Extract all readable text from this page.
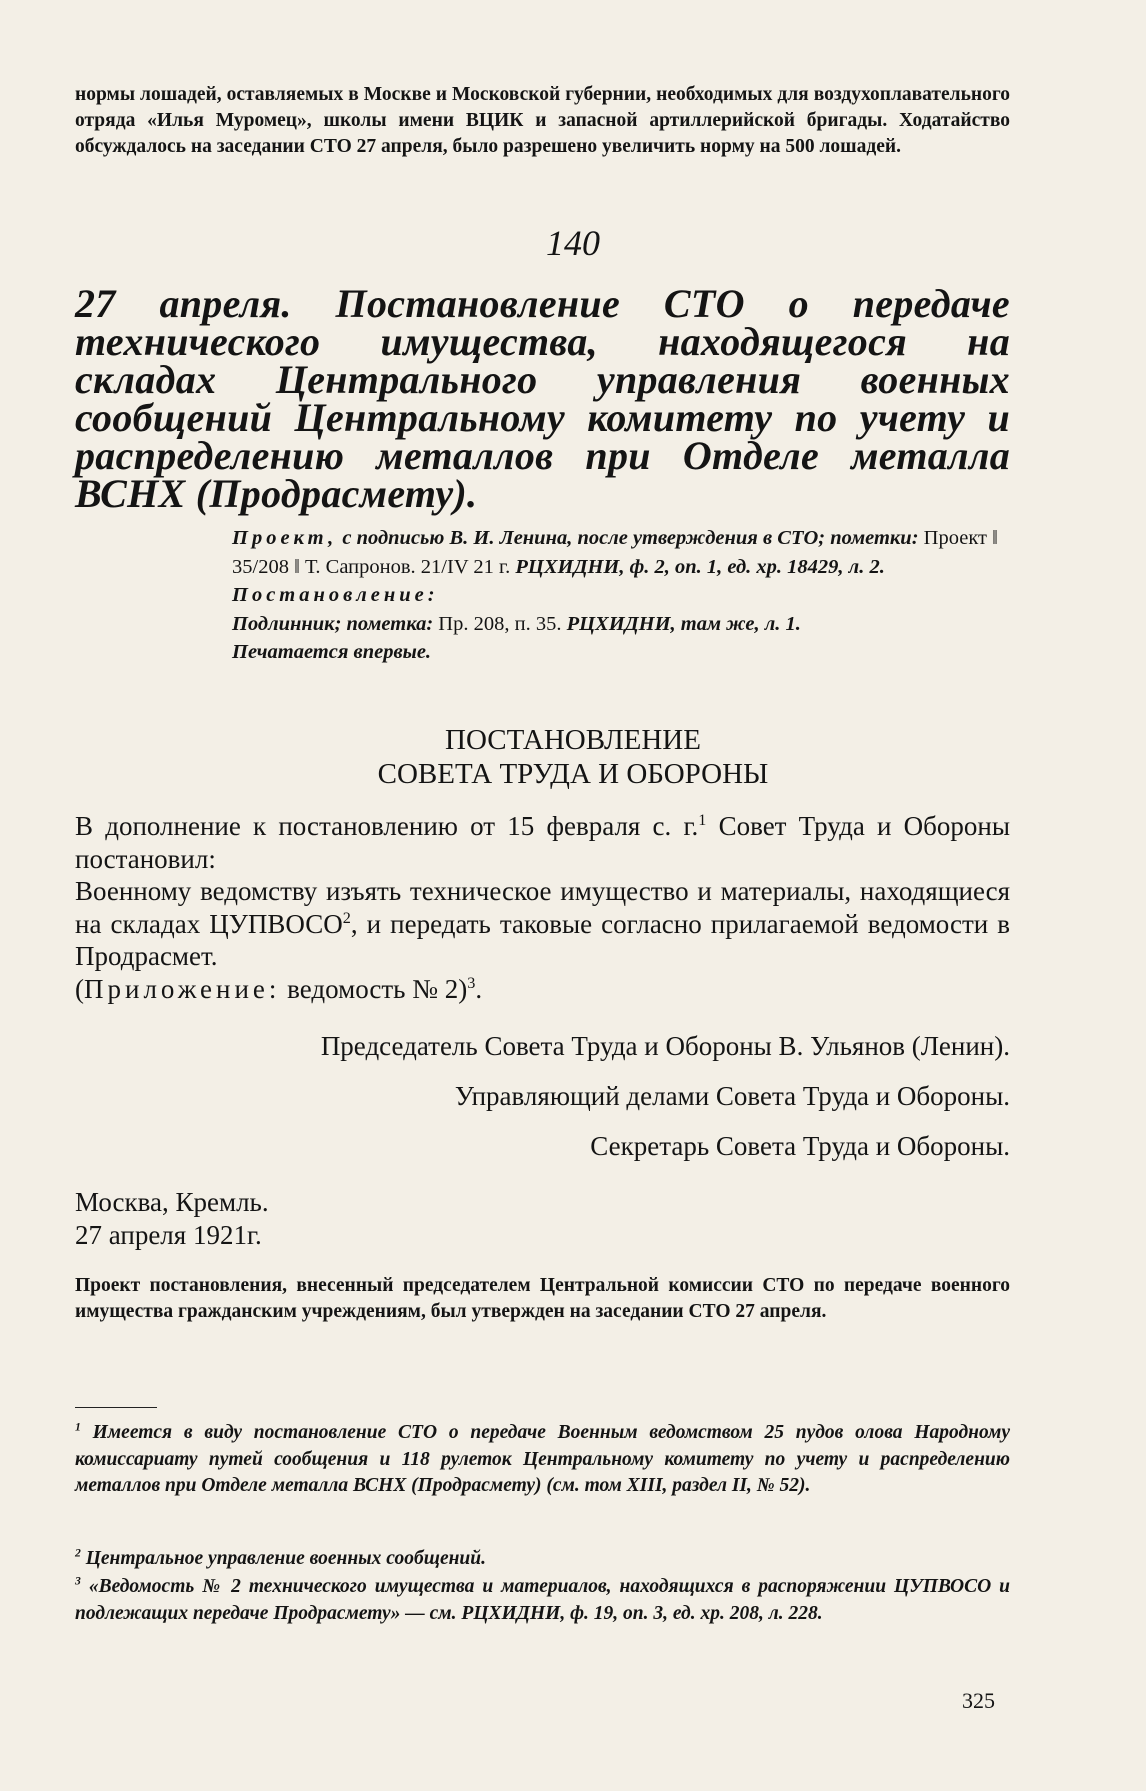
нормы лошадей, оставляемых в Москве и Московской губернии, необходимых для воздухоплавательного отряда «Илья Муромец», школы имени ВЦИК и запасной артиллерийской бригады. Ходатайство обсуждалось на заседании СТО 27 апреля, было разрешено увеличить норму на 500 лошадей.
140
27 апреля. Постановление СТО о передаче технического имущества, находящегося на складах Центрального управления военных сообщений Центральному комитету по учету и распределению металлов при Отделе металла ВСНХ (Продрасмету).
Проект, с подписью В. И. Ленина, после утверждения в СТО; пометки: Проект ‖ 35/208 ‖ Т. Сапронов. 21/IV 21 г. РЦХИДНИ, ф. 2, оп. 1, ед. хр. 18429, л. 2.
Постановление:
Подлинник; пометка: Пр. 208, п. 35. РЦХИДНИ, там же, л. 1.
Печатается впервые.
ПОСТАНОВЛЕНИЕ
СОВЕТА ТРУДА И ОБОРОНЫ
В дополнение к постановлению от 15 февраля с. г.$^1$ Совет Труда и Обороны постановил:
Военному ведомству изъять техническое имущество и материалы, находящиеся на складах ЦУПВОСО$^2$, и передать таковые согласно прилагаемой ведомости в Продрасмет.
(Приложение: ведомость № 2)$^3$.
Председатель Совета Труда и Обороны В. Ульянов (Ленин).
Управляющий делами Совета Труда и Обороны.
Секретарь Совета Труда и Обороны.
Москва, Кремль.
27 апреля 1921г.
Проект постановления, внесенный председателем Центральной комиссии СТО по передаче военного имущества гражданским учреждениям, был утвержден на заседании СТО 27 апреля.
$^1$ Имеется в виду постановление СТО о передаче Военным ведомством 25 пудов олова Народному комиссариату путей сообщения и 118 рулеток Центральному комитету по учету и распределению металлов при Отделе металла ВСНХ (Продрасмету) (см. том XIII, раздел II, № 52).
$^2$ Центральное управление военных сообщений.
$^3$ «Ведомость № 2 технического имущества и материалов, находящихся в распоряжении ЦУПВОСО и подлежащих передаче Продрасмету» — см. РЦХИДНИ, ф. 19, оп. 3, ед. хр. 208, л. 228.
325
